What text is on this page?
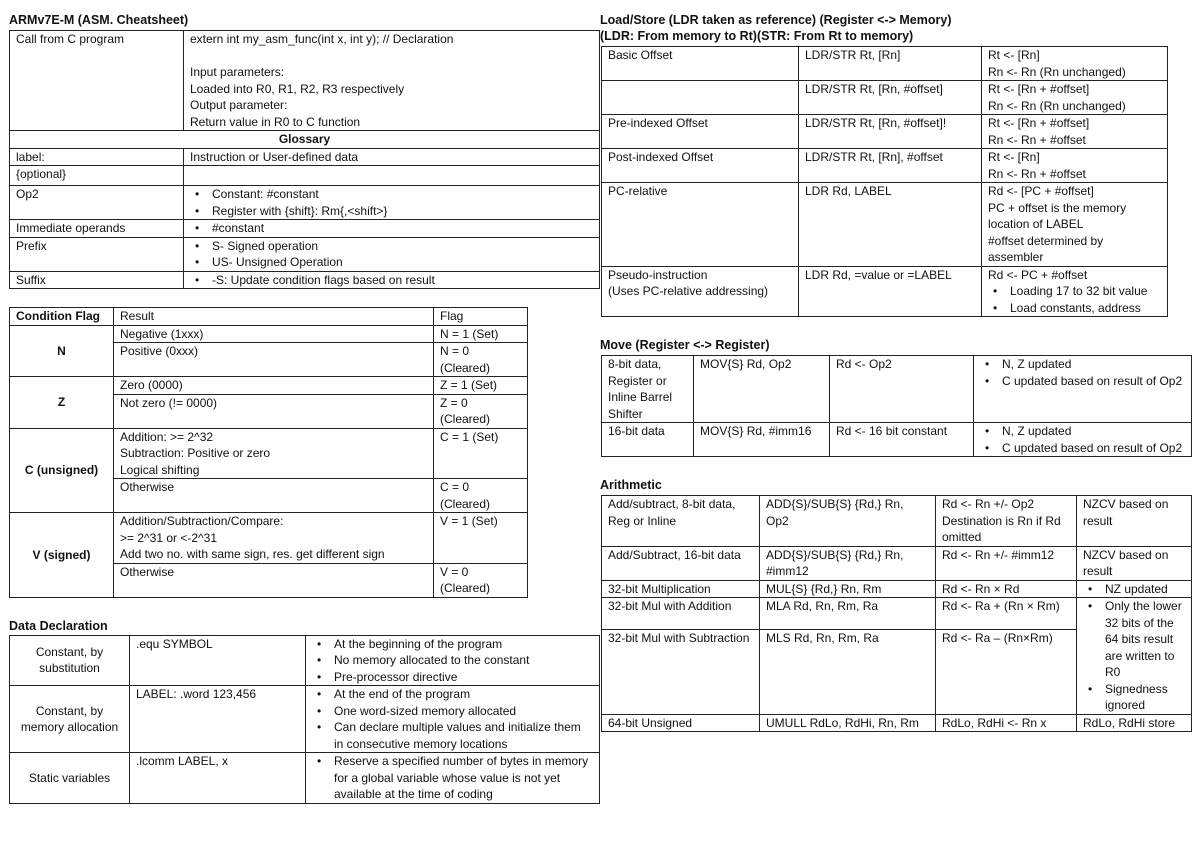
ARMv7E-M (ASM. Cheatsheet)
Call from C program	extern int my_asm_func(int x, int y); // Declaration

Input parameters:
Loaded into R0, R1, R2, R3 respectively
Output parameter:
Return value in R0 to C function
Glossary	
label:	Instruction or User-defined data
{optional}	
Op2	• Constant: #constant
• Register with {shift}: Rm{,<shift>}

Immediate operands	• #constant

Prefix	• S- Signed operation
• US- Unsigned Operation

Suffix	• -S: Update condition flags based on result
Condition Flag	Result	Flag
N	Negative (1xxx)	N = 1 (Set)
	Positive (0xxx)	N = 0 (Cleared)
Z	Zero (0000)	Z = 1 (Set)
	Not zero (!= 0000)	Z = 0 (Cleared)
C (unsigned)	Addition: >= 2^32
Subtraction: Positive or zero
Logical shifting	C = 1 (Set)
	Otherwise	C = 0 (Cleared)
V (signed)	Addition/Subtraction/Compare:
>= 2^31 or <-2^31
Add two no. with same sign, res. get different sign	V = 1 (Set)
	Otherwise	V = 0 (Cleared)
Data Declaration
Constant, by substitution	.equ SYMBOL	• At the beginning of the program
• No memory allocated to the constant
• Pre-processor directive

Constant, by memory allocation	LABEL: .word 123,456	• At the end of the program
• One word-sized memory allocated
• Can declare multiple values and initialize them in consecutive memory locations

Static variables	.lcomm LABEL, x	• Reserve a specified number of bytes in memory for a global variable whose value is not yet available at the time of coding
Load/Store (LDR taken as reference) (Register <-> Memory)
(LDR: From memory to Rt)(STR: From Rt to memory)
Basic Offset	LDR/STR Rt, [Rn]	Rt <- [Rn]
Rn <- Rn (Rn unchanged)
	LDR/STR Rt, [Rn, #offset]	Rt <- [Rn + #offset]
Rn <- Rn (Rn unchanged)
Pre-indexed Offset	LDR/STR Rt, [Rn, #offset]!	Rt <- [Rn + #offset]
Rn <- Rn + #offset
Post-indexed Offset	LDR/STR Rt, [Rn], #offset	Rt <- [Rn]
Rn <- Rn + #offset
PC-relative	LDR Rd, LABEL	Rd <- [PC + #offset]
PC + offset is the memory location of LABEL
#offset determined by assembler
Pseudo-instruction
(Uses PC-relative addressing)	LDR Rd, =value or =LABEL	Rd <- PC + #offset
• Loading 17 to 32 bit value
• Load constants, address
Move (Register <-> Register)
8-bit data, Register or Inline Barrel Shifter	MOV{S} Rd, Op2	Rd <- Op2	• N, Z updated
• C updated based on result of Op2

16-bit data	MOV{S} Rd, #imm16	Rd <- 16 bit constant	• N, Z updated
• C updated based on result of Op2
Arithmetic
Add/subtract, 8-bit data, Reg or Inline	ADD{S}/SUB{S} {Rd,} Rn, Op2	Rd <- Rn +/- Op2
Destination is Rn if Rd omitted	NZCV based on result
Add/Subtract, 16-bit data	ADD{S}/SUB{S} {Rd,} Rn, #imm12	Rd <- Rn +/- #imm12	NZCV based on result
32-bit Multiplication	MUL{S} {Rd,} Rn, Rm	Rd <- Rn × Rd	• NZ updated

32-bit Mul with Addition	MLA Rd, Rn, Rm, Ra	Rd <- Ra + (Rn × Rm)	• Only the lower 32 bits of the 64 bits result are written to R0
• Signedness ignored

32-bit Mul with Subtraction	MLS Rd, Rn, Rm, Ra	Rd <- Ra – (Rn×Rm)	
64-bit Unsigned	UMULL RdLo, RdHi, Rn, Rm	RdLo, RdHi <- Rn x	RdLo, RdHi store
